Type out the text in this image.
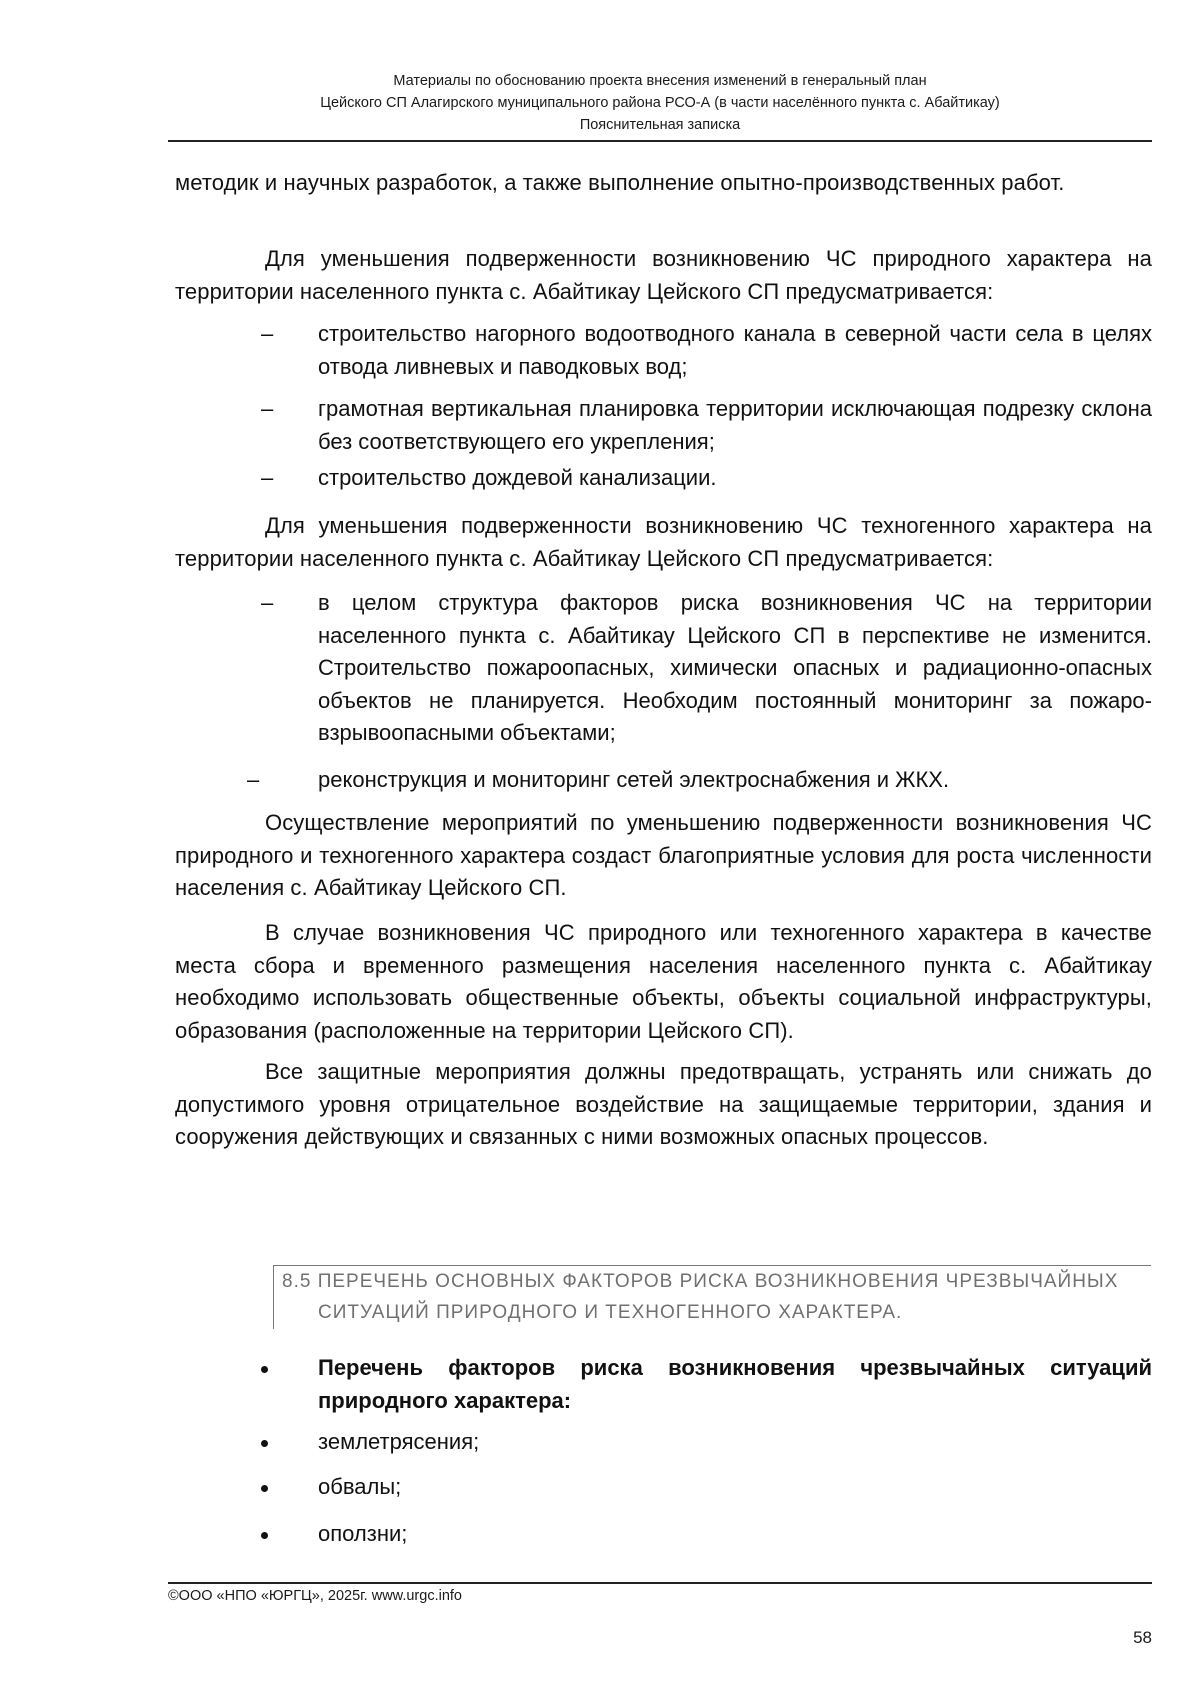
Материалы по обоснованию проекта внесения изменений в генеральный план
Цейского СП Алагирского муниципального района РСО-А (в части населённого пункта с. Абайтикау)
Пояснительная записка
методик и научных разработок, а также выполнение опытно-производственных работ.
Для уменьшения подверженности возникновению ЧС природного характера на территории населенного пункта с. Абайтикау Цейского СП предусматривается:
– строительство нагорного водоотводного канала в северной части села в целях отвода ливневых и паводковых вод;
– грамотная вертикальная планировка территории исключающая подрезку склона без соответствующего его укрепления;
– строительство дождевой канализации.
Для уменьшения подверженности возникновению ЧС техногенного характера на территории населенного пункта с. Абайтикау Цейского СП предусматривается:
– в целом структура факторов риска возникновения ЧС на территории населенного пункта с. Абайтикау Цейского СП в перспективе не изменится. Строительство пожароопасных, химически опасных и радиационно-опасных объектов не планируется. Необходим постоянный мониторинг за пожаро- взрывоопасными объектами;
–	реконструкция и мониторинг сетей электроснабжения и ЖКХ.
Осуществление мероприятий по уменьшению подверженности возникновения ЧС природного и техногенного характера создаст благоприятные условия для роста численности населения с. Абайтикау Цейского СП.
В случае возникновения ЧС природного или техногенного характера в качестве места сбора и временного размещения населения населенного пункта с. Абайтикау необходимо использовать общественные объекты, объекты социальной инфраструктуры, образования (расположенные на территории Цейского СП).
Все защитные мероприятия должны предотвращать, устранять или снижать до допустимого уровня отрицательное воздействие на защищаемые территории, здания и сооружения действующих и связанных с ними возможных опасных процессов.
8.5 ПЕРЕЧЕНЬ ОСНОВНЫХ ФАКТОРОВ РИСКА ВОЗНИКНОВЕНИЯ ЧРЕЗВЫЧАЙНЫХ
СИТУАЦИЙ ПРИРОДНОГО И ТЕХНОГЕННОГО ХАРАКТЕРА.
Перечень факторов риска возникновения чрезвычайных ситуаций природного характера:
землетрясения;
обвалы;
оползни;
©ООО «НПО «ЮРГЦ», 2025г. www.urgc.info
58
